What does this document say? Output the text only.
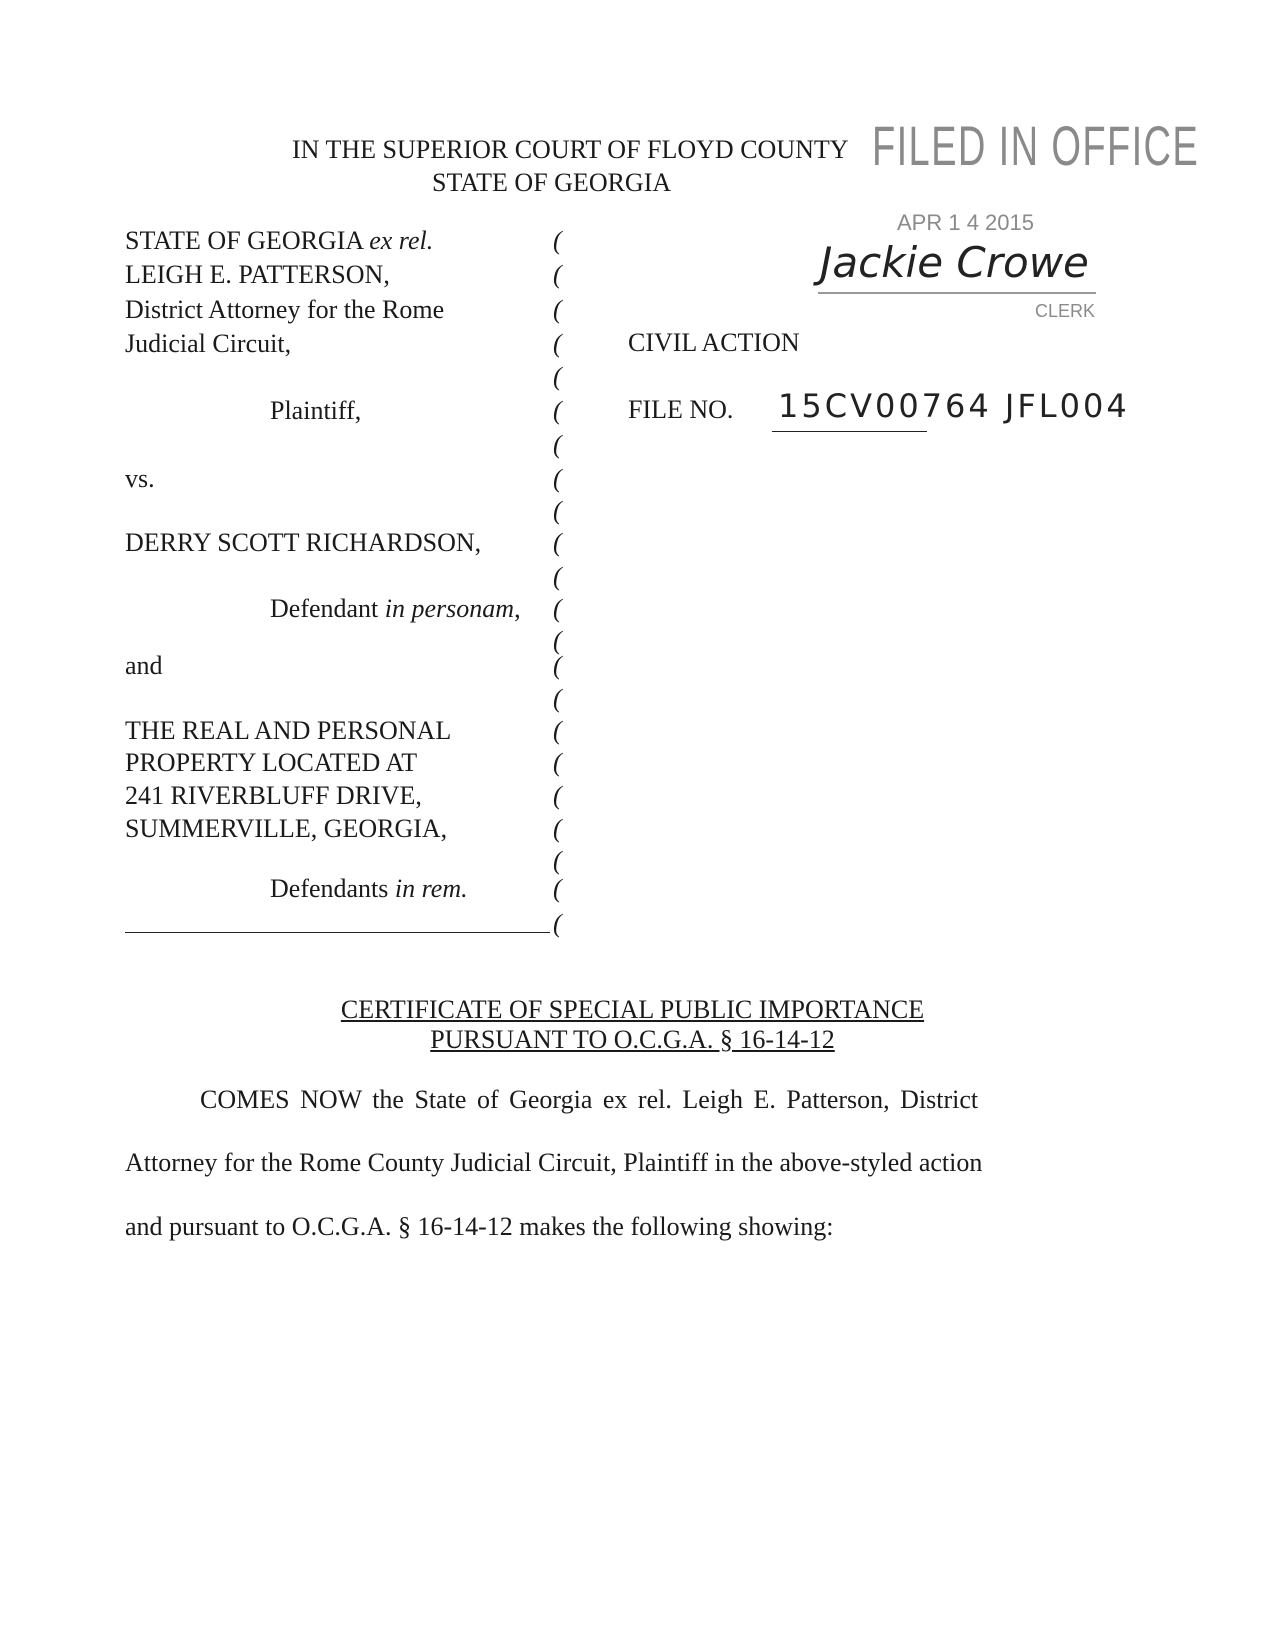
IN THE SUPERIOR COURT OF FLOYD COUNTY
STATE OF GEORGIA
FILED IN OFFICE
APR 1 4 2015
Jackie Crowe
CLERK
STATE OF GEORGIA ex rel.
LEIGH E. PATTERSON,
District Attorney for the Rome
Judicial Circuit,
Plaintiff,
vs.
DERRY SCOTT RICHARDSON,
Defendant in personam,
and
THE REAL AND PERSONAL
PROPERTY LOCATED AT
241 RIVERBLUFF DRIVE,
SUMMERVILLE, GEORGIA,
Defendants in rem.
(
(
(
(
(
(
(
(
(
(
(
(
(
(
(
(
(
(
(
(
(
(
CIVIL ACTION
FILE NO. 15CV00764 JFL004
CERTIFICATE OF SPECIAL PUBLIC IMPORTANCE
PURSUANT TO O.C.G.A. § 16-14-12
COMES NOW the State of Georgia ex rel. Leigh E. Patterson, District
Attorney for the Rome County Judicial Circuit, Plaintiff in the above-styled action
and pursuant to O.C.G.A. § 16-14-12 makes the following showing:
